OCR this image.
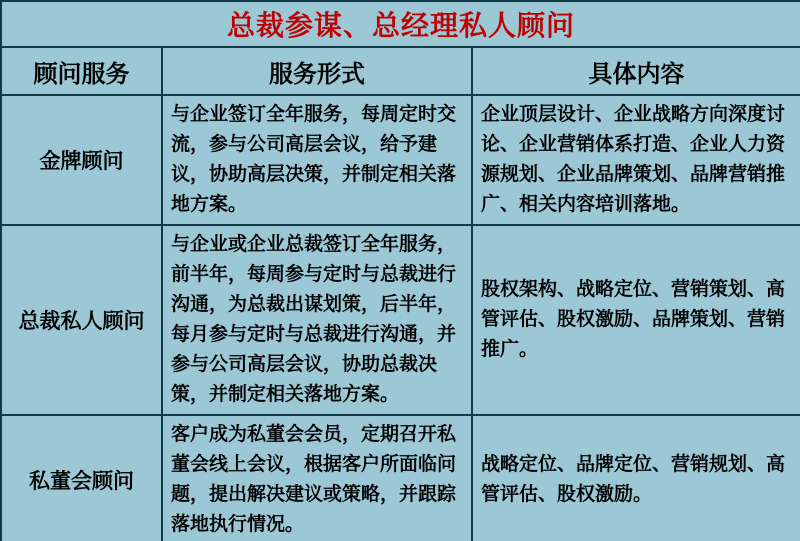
总裁参谋、总经理私人顾问		
顾问服务	服务形式	具体内容
金牌顾问	与企业签订全年服务，每周定时交流，参与公司高层会议，给予建议，协助高层决策，并制定相关落地方案。	企业顶层设计、企业战略方向深度讨论、企业营销体系打造、企业人力资源规划、企业品牌策划、品牌营销推广、相关内容培训落地。
总裁私人顾问	与企业或企业总裁签订全年服务，前半年，每周参与定时与总裁进行沟通，为总裁出谋划策，后半年，每月参与定时与总裁进行沟通，并参与公司高层会议，协助总裁决策，并制定相关落地方案。	股权架构、战略定位、营销策划、高管评估、股权激励、品牌策划、营销推广。
私董会顾问	客户成为私董会会员，定期召开私董会线上会议，根据客户所面临问题，提出解决建议或策略，并跟踪落地执行情况。	战略定位、品牌定位、营销规划、高管评估、股权激励。
